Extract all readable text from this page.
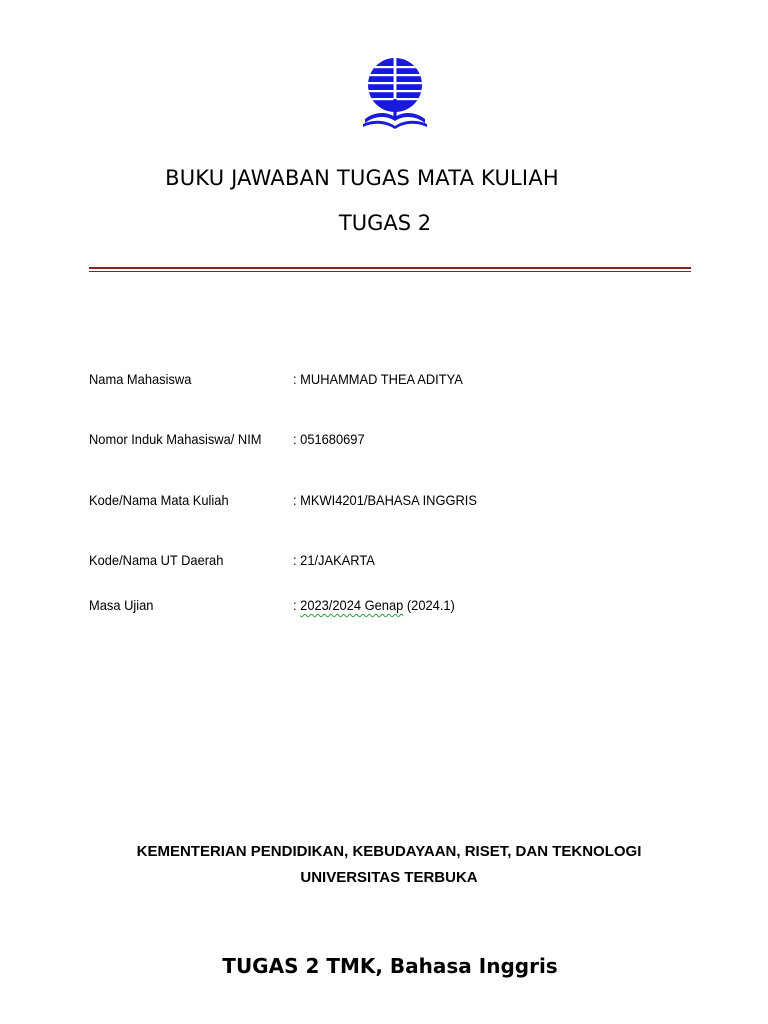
BUKU JAWABAN TUGAS MATA KULIAH
TUGAS 2
Nama Mahasiswa	: MUHAMMAD THEA ADITYA
Nomor Induk Mahasiswa/ NIM : 051680697
Kode/Nama Mata Kuliah	: MKWI4201/BAHASA INGGRIS
Kode/Nama UT Daerah	: 21/JAKARTA
Masa Ujian	: 2023/2024 Genap (2024.1)
KEMENTERIAN PENDIDIKAN, KEBUDAYAAN, RISET, DAN TEKNOLOGI
UNIVERSITAS TERBUKA
TUGAS 2 TMK, Bahasa Inggris
